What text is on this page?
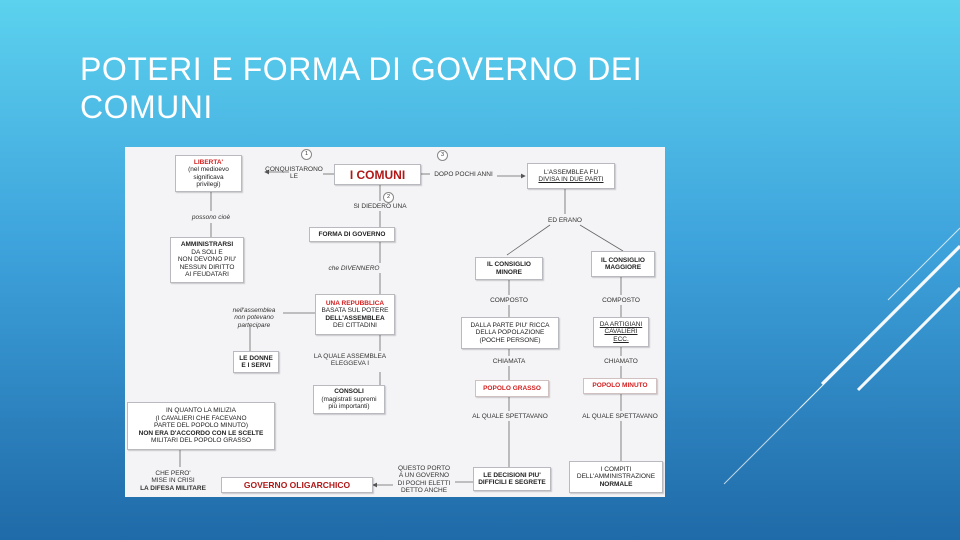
POTERI E FORMA DI GOVERNO DEI
COMUNI
1
2
3
I COMUNI
CONQUISTARONO
LE
LIBERTA'
(nel medioevo
significava
privilegi)
possono cioè
AMMINISTRARSI
DA SOLI E
NON DEVONO PIU'
NESSUN DIRITTO
AI FEUDATARI
SI DIEDERO UNA
FORMA DI GOVERNO
che DIVENNERO
UNA REPUBBLICA
BASATA SUL POTERE
DELL'ASSEMBLEA
DEI CITTADINI
nell'assemblea
non potevano
partecipare
LE DONNE
E I SERVI
LA QUALE ASSEMBLEA
ELEGGEVA I
CONSOLI
(magistrati supremi
più importanti)
IN QUANTO LA MILIZIA
(I CAVALIERI CHE FACEVANO
PARTE DEL POPOLO MINUTO)
NON ERA D'ACCORDO CON LE SCELTE
MILITARI DEL POPOLO GRASSO
CHE PERO'
MISE IN CRISI
LA DIFESA MILITARE	GOVERNO OLIGARCHICO
QUESTO PORTO
A UN GOVERNO
DI POCHI ELETTI
DETTO ANCHE
DOPO POCHI ANNI	L'ASSEMBLEA FU
DIVISA IN DUE PARTI
ED ERANO
IL CONSIGLIO
MINORE
IL CONSIGLIO
MAGGIORE
COMPOSTO	COMPOSTO
DALLA PARTE PIU' RICCA
DELLA POPOLAZIONE
(POCHE PERSONE)
DA ARTIGIANI
CAVALIERI
ECC.
CHIAMATA	CHIAMATO
POPOLO GRASSO	POPOLO MINUTO
AL QUALE SPETTAVANO	AL QUALE SPETTAVANO
LE DECISIONI PIU'
DIFFICILI E SEGRETE
I COMPITI
DELL'AMMINISTRAZIONE
NORMALE
